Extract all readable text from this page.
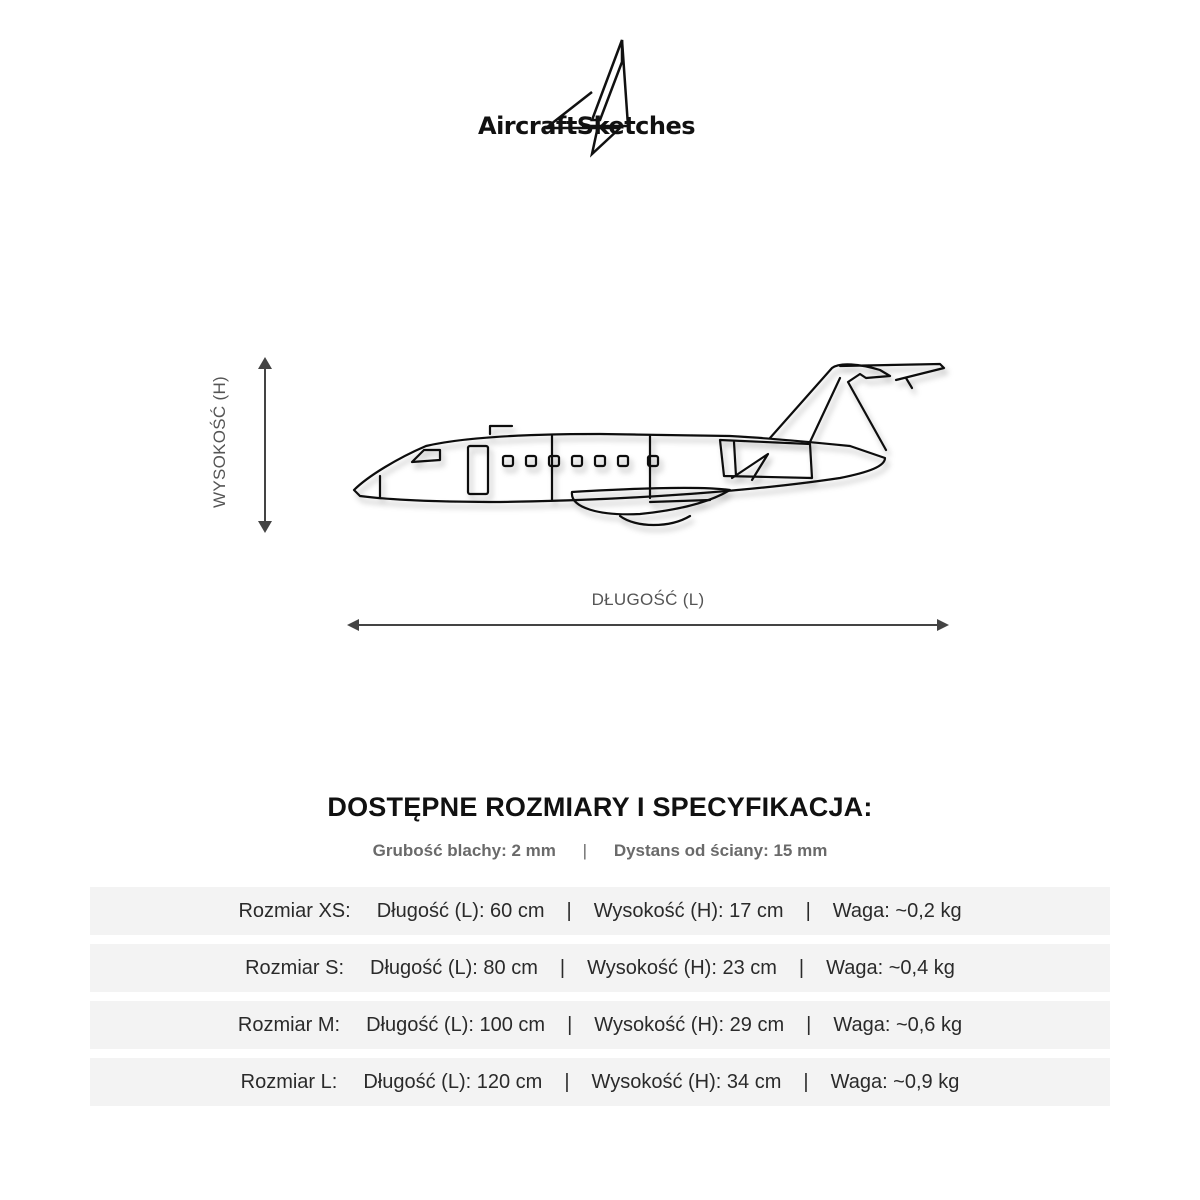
AircraftSketches
WYSOKOŚĆ (H)
DŁUGOŚĆ (L)
DOSTĘPNE ROZMIARY I SPECYFIKACJA:
Grubość blachy: 2 mm | Dystans od ściany: 15 mm
Rozmiar XS: Długość (L): 60 cm | Wysokość (H): 17 cm | Waga: ~0,2 kg
Rozmiar S: Długość (L): 80 cm | Wysokość (H): 23 cm | Waga: ~0,4 kg
Rozmiar M: Długość (L): 100 cm | Wysokość (H): 29 cm | Waga: ~0,6 kg
Rozmiar L: Długość (L): 120 cm | Wysokość (H): 34 cm | Waga: ~0,9 kg
